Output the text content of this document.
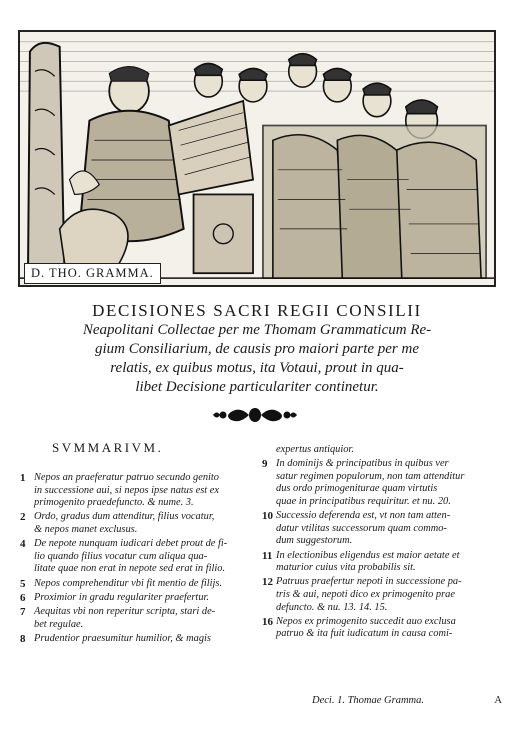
D. THO. GRAMMA.
DECISIONES SACRI REGII CONSILII
Neapolitani Collectae per me Thomam Grammaticum Re-
gium Consiliarium, de causis pro maiori parte per me
relatis, ex quibus motus, ita Votaui, prout in qua-
libet Decisione particulariter continetur.
SVMMARIVM.
1 Nepos an praeferatur patruo secundo genito
in successione aui, si nepos ipse natus est ex
primogenito praedefuncto. & nume. 3.
2 Ordo, gradus dum attenditur, filius vocatur,
& nepos manet exclusus.
4 De nepote nunquam iudicari debet prout de fi-
lio quando filius vocatur cum aliqua qua-
litate quae non erat in nepote sed erat in filio.
5 Nepos comprehenditur vbi fit mentio de filijs.
6 Proximior in gradu regulariter praefertur.
7 Aequitas vbi non reperitur scripta, stari de-
bet regulae.
8 Prudentior praesumitur humilior, & magis
expertus antiquior.
9 In dominijs & principatibus in quibus ver
satur regimen populorum, non tam attenditur
dus ordo primogeniturae quam virtutis
quae in principatibus requiritur. et nu. 20.
10 Successio deferenda est, vt non tam atten-
datur vtilitas successorum quam commo-
dum suggestorum.
11 In electionibus eligendus est maior aetate et
maturior cuius vita probabilis sit.
12 Patruus praefertur nepoti in successione pa-
tris & aui, nepoti dico ex primogenito prae
defuncto. & nu. 13. 14. 15.
16 Nepos ex primogenito succedit auo exclusa
patruo & ita fuit iudicatum in causa comi-
Deci. 1. Thomae Gramma.	A
